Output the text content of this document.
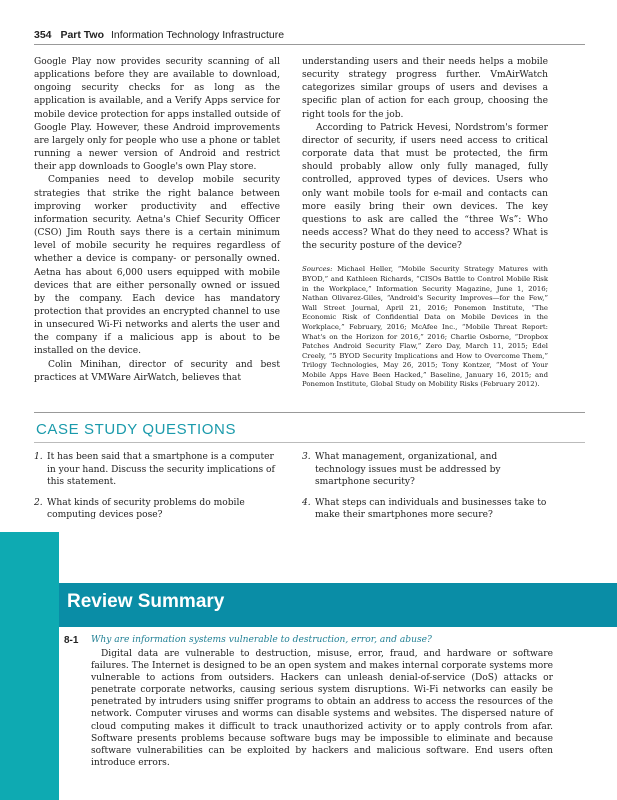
354 Part Two Information Technology Infrastructure

Google Play now provides security scanning of all applications before they are available to download, ongoing security checks for as long as the application is available, and a Verify Apps service for mobile device protection for apps installed outside of Google Play. However, these Android improvements are largely only for people who use a phone or tablet running a newer version of Android and restrict their app downloads to Google's own Play store.

Companies need to develop mobile security strategies that strike the right balance between improving worker productivity and effective information security. Aetna's Chief Security Officer (CSO) Jim Routh says there is a certain minimum level of mobile security he requires regardless of whether a device is company- or personally owned. Aetna has about 6,000 users equipped with mobile devices that are either personally owned or issued by the company. Each device has mandatory protection that provides an encrypted channel to use in unsecured Wi-Fi networks and alerts the user and the company if a malicious app is about to be installed on the device.

Colin Minihan, director of security and best practices at VMWare AirWatch, believes that

understanding users and their needs helps a mobile security strategy progress further. VmAirWatch categorizes similar groups of users and devises a specific plan of action for each group, choosing the right tools for the job.

According to Patrick Hevesi, Nordstrom's former director of security, if users need access to critical corporate data that must be protected, the firm should probably allow only fully managed, fully controlled, approved types of devices. Users who only want mobile tools for e-mail and contacts can more easily bring their own devices. The key questions to ask are called the “three Ws”: Who needs access? What do they need to access? What is the security posture of the device?

Sources: Michael Heller, “Mobile Security Strategy Matures with BYOD,” and Kathleen Richards, “CISOs Battle to Control Mobile Risk in the Workplace,” Information Security Magazine, June 1, 2016; Nathan Olivarez-Giles, “Android's Security Improves—for the Few,” Wall Street Journal, April 21, 2016; Ponemon Institute, “The Economic Risk of Confidential Data on Mobile Devices in the Workplace,” February, 2016; McAfee Inc., “Mobile Threat Report: What's on the Horizon for 2016,” 2016; Charlie Osborne, “Dropbox Patches Android Security Flaw,” Zero Day, March 11, 2015; Edel Creely, “5 BYOD Security Implications and How to Overcome Them,” Trilogy Technologies, May 26, 2015; Tony Kontzer, “Most of Your Mobile Apps Have Been Hacked,” Baseline, January 16, 2015; and Ponemon Institute, Global Study on Mobility Risks (February 2012).
CASE STUDY QUESTIONS
1. It has been said that a smartphone is a computer in your hand. Discuss the security implications of this statement.
2. What kinds of security problems do mobile computing devices pose?
3. What management, organizational, and technology issues must be addressed by smartphone security?
4. What steps can individuals and businesses take to make their smartphones more secure?
Review Summary
8-1 Why are information systems vulnerable to destruction, error, and abuse?

Digital data are vulnerable to destruction, misuse, error, fraud, and hardware or software failures. The Internet is designed to be an open system and makes internal corporate systems more vulnerable to actions from outsiders. Hackers can unleash denial-of-service (DoS) attacks or penetrate corporate networks, causing serious system disruptions. Wi-Fi networks can easily be penetrated by intruders using sniffer programs to obtain an address to access the resources of the network. Computer viruses and worms can disable systems and websites. The dispersed nature of cloud computing makes it difficult to track unauthorized activity or to apply controls from afar. Software presents problems because software bugs may be impossible to eliminate and because software vulnerabilities can be exploited by hackers and malicious software. End users often introduce errors.
